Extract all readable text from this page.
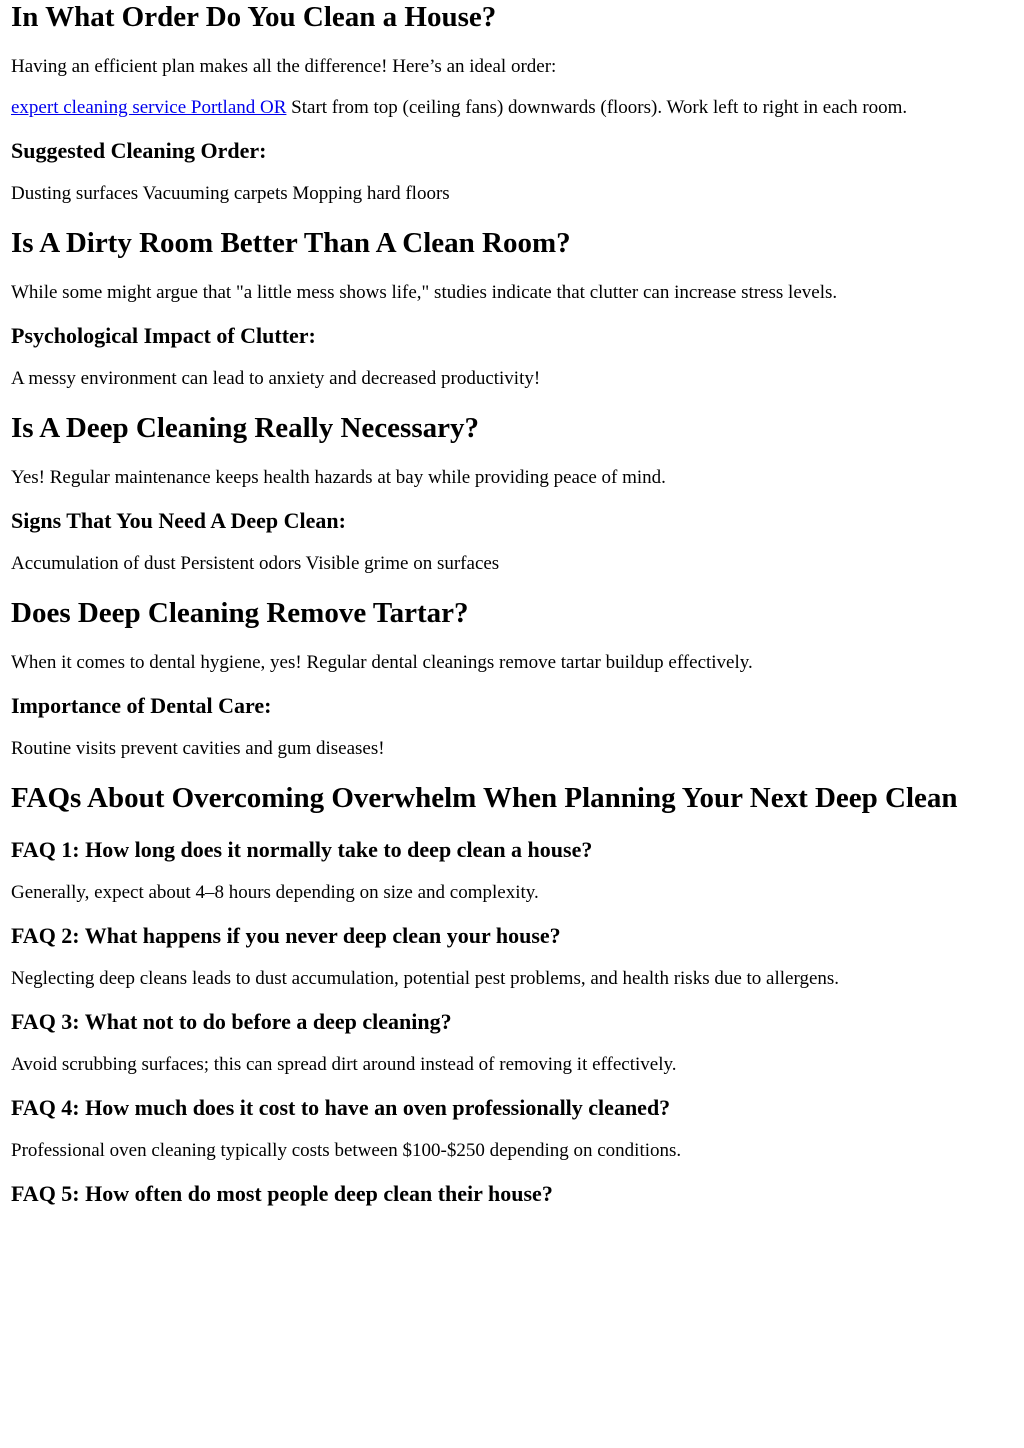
In What Order Do You Clean a House?

Having an efficient plan makes all the difference! Here’s an ideal order:

expert cleaning service Portland OR Start from top (ceiling fans) downwards (floors). Work left to right in each room.

Suggested Cleaning Order:

Dusting surfaces Vacuuming carpets Mopping hard floors

Is A Dirty Room Better Than A Clean Room?

While some might argue that "a little mess shows life," studies indicate that clutter can increase stress levels.

Psychological Impact of Clutter:

A messy environment can lead to anxiety and decreased productivity!

Is A Deep Cleaning Really Necessary?

Yes! Regular maintenance keeps health hazards at bay while providing peace of mind.

Signs That You Need A Deep Clean:

Accumulation of dust Persistent odors Visible grime on surfaces

Does Deep Cleaning Remove Tartar?

When it comes to dental hygiene, yes! Regular dental cleanings remove tartar buildup effectively.

Importance of Dental Care:

Routine visits prevent cavities and gum diseases!

FAQs About Overcoming Overwhelm When Planning Your Next Deep Clean
FAQ 1: How long does it normally take to deep clean a house?

Generally, expect about 4–8 hours depending on size and complexity.

FAQ 2: What happens if you never deep clean your house?

Neglecting deep cleans leads to dust accumulation, potential pest problems, and health risks due to allergens.

FAQ 3: What not to do before a deep cleaning?

Avoid scrubbing surfaces; this can spread dirt around instead of removing it effectively.

FAQ 4: How much does it cost to have an oven professionally cleaned?

Professional oven cleaning typically costs between $100-$250 depending on conditions.

FAQ 5: How often do most people deep clean their house?
